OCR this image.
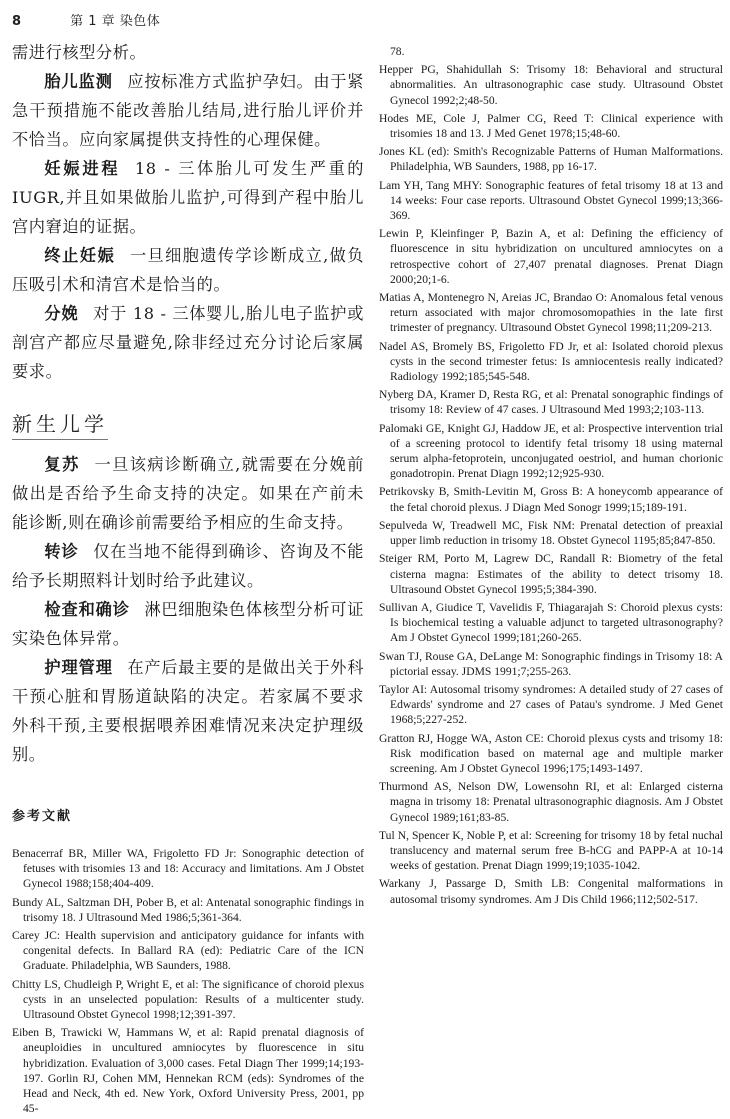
8	第 1 章 染色体

需进行核型分析。

胎儿监测 应按标准方式监护孕妇。由于紧急干预措施不能改善胎儿结局,进行胎儿评价并不恰当。应向家属提供支持性的心理保健。

妊娠进程 18 - 三体胎儿可发生严重的 IUGR,并且如果做胎儿监护,可得到产程中胎儿宫内窘迫的证据。

终止妊娠 一旦细胞遗传学诊断成立,做负压吸引术和清宫术是恰当的。

分娩 对于 18 - 三体婴儿,胎儿电子监护或剖宫产都应尽量避免,除非经过充分讨论后家属要求。

新生儿学

复苏 一旦该病诊断确立,就需要在分娩前做出是否给予生命支持的决定。如果在产前未能诊断,则在确诊前需要给予相应的生命支持。

转诊 仅在当地不能得到确诊、咨询及不能给予长期照料计划时给予此建议。

检查和确诊 淋巴细胞染色体核型分析可证实染色体异常。

护理管理 在产后最主要的是做出关于外科干预心脏和胃肠道缺陷的决定。若家属不要求外科干预,主要根据喂养困难情况来决定护理级别。

参考文献

Benacerraf BR, Miller WA, Frigoletto FD Jr: Sonographic detection of fetuses with trisomies 13 and 18: Accuracy and limitations. Am J Obstet Gynecol 1988;158;404-409.

Bundy AL, Saltzman DH, Pober B, et al: Antenatal sonographic findings in trisomy 18. J Ultrasound Med 1986;5;361-364.

Carey JC: Health supervision and anticipatory guidance for infants with congenital defects. In Ballard RA (ed): Pediatric Care of the ICN Graduate. Philadelphia, WB Saunders, 1988.

Chitty LS, Chudleigh P, Wright E, et al: The significance of choroid plexus cysts in an unselected population: Results of a multicenter study. Ultrasound Obstet Gynecol 1998;12;391-397.

Eiben B, Trawicki W, Hammans W, et al: Rapid prenatal diagnosis of aneuploidies in uncultured amniocytes by fluorescence in situ hybridization. Evaluation of 3,000 cases. Fetal Diagn Ther 1999;14;193-197. Gorlin RJ, Cohen MM, Hennekan RCM (eds): Syndromes of the Head and Neck, 4th ed. New York, Oxford University Press, 2001, pp 45-

78.

Hepper PG, Shahidullah S: Trisomy 18: Behavioral and structural abnormalities. An ultrasonographic case study. Ultrasound Obstet Gynecol 1992;2;48-50.

Hodes ME, Cole J, Palmer CG, Reed T: Clinical experience with trisomies 18 and 13. J Med Genet 1978;15;48-60.

Jones KL (ed): Smith's Recognizable Patterns of Human Malformations. Philadelphia, WB Saunders, 1988, pp 16-17.

Lam YH, Tang MHY: Sonographic features of fetal trisomy 18 at 13 and 14 weeks: Four case reports. Ultrasound Obstet Gynecol 1999;13;366-369.

Lewin P, Kleinfinger P, Bazin A, et al: Defining the efficiency of fluorescence in situ hybridization on uncultured amniocytes on a retrospective cohort of 27,407 prenatal diagnoses. Prenat Diagn 2000;20;1-6.

Matias A, Montenegro N, Areias JC, Brandao O: Anomalous fetal venous return associated with major chromosomopathies in the late first trimester of pregnancy. Ultrasound Obstet Gynecol 1998;11;209-213.

Nadel AS, Bromely BS, Frigoletto FD Jr, et al: Isolated choroid plexus cysts in the second trimester fetus: Is amniocentesis really indicated? Radiology 1992;185;545-548.

Nyberg DA, Kramer D, Resta RG, et al: Prenatal sonographic findings of trisomy 18: Review of 47 cases. J Ultrasound Med 1993;2;103-113.

Palomaki GE, Knight GJ, Haddow JE, et al: Prospective intervention trial of a screening protocol to identify fetal trisomy 18 using maternal serum alpha-fetoprotein, unconjugated oestriol, and human chorionic gonadotropin. Prenat Diagn 1992;12;925-930.

Petrikovsky B, Smith-Levitin M, Gross B: A honeycomb appearance of the fetal choroid plexus. J Diagn Med Sonogr 1999;15;189-191.

Sepulveda W, Treadwell MC, Fisk NM: Prenatal detection of preaxial upper limb reduction in trisomy 18. Obstet Gynecol 1195;85;847-850.

Steiger RM, Porto M, Lagrew DC, Randall R: Biometry of the fetal cisterna magna: Estimates of the ability to detect trisomy 18. Ultrasound Obstet Gynecol 1995;5;384-390.

Sullivan A, Giudice T, Vavelidis F, Thiagarajah S: Choroid plexus cysts: Is biochemical testing a valuable adjunct to targeted ultrasonography? Am J Obstet Gynecol 1999;181;260-265.

Swan TJ, Rouse GA, DeLange M: Sonographic findings in Trisomy 18: A pictorial essay. JDMS 1991;7;255-263.

Taylor AI: Autosomal trisomy syndromes: A detailed study of 27 cases of Edwards' syndrome and 27 cases of Patau's syndrome. J Med Genet 1968;5;227-252.

Gratton RJ, Hogge WA, Aston CE: Choroid plexus cysts and trisomy 18: Risk modification based on maternal age and multiple marker screening. Am J Obstet Gynecol 1996;175;1493-1497.

Thurmond AS, Nelson DW, Lowensohn RI, et al: Enlarged cisterna magna in trisomy 18: Prenatal ultrasonographic diagnosis. Am J Obstet Gynecol 1989;161;83-85.

Tul N, Spencer K, Noble P, et al: Screening for trisomy 18 by fetal nuchal translucency and maternal serum free B-hCG and PAPP-A at 10-14 weeks of gestation. Prenat Diagn 1999;19;1035-1042.

Warkany J, Passarge D, Smith LB: Congenital malformations in autosomal trisomy syndromes. Am J Dis Child 1966;112;502-517.
